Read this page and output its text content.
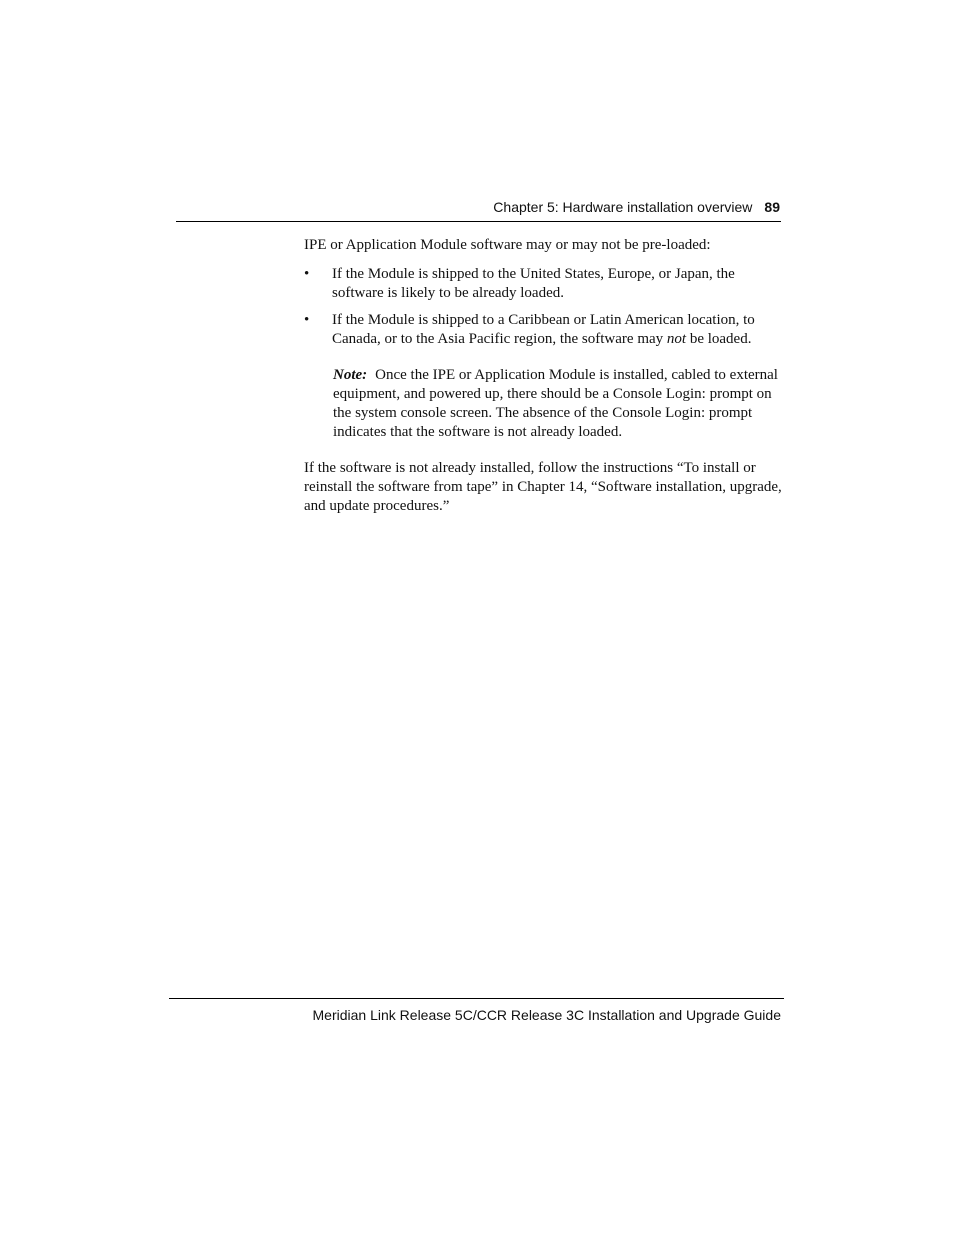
Chapter 5: Hardware installation overview 89
IPE or Application Module software may or may not be pre-loaded:
• If the Module is shipped to the United States, Europe, or Japan, the software is likely to be already loaded.
• If the Module is shipped to a Caribbean or Latin American location, to Canada, or to the Asia Pacific region, the software may not be loaded.
Note: Once the IPE or Application Module is installed, cabled to external equipment, and powered up, there should be a Console Login: prompt on the system console screen. The absence of the Console Login: prompt indicates that the software is not already loaded.
If the software is not already installed, follow the instructions “To install or reinstall the software from tape” in Chapter 14, “Software installation, upgrade, and update procedures.”
Meridian Link Release 5C/CCR Release 3C Installation and Upgrade Guide
